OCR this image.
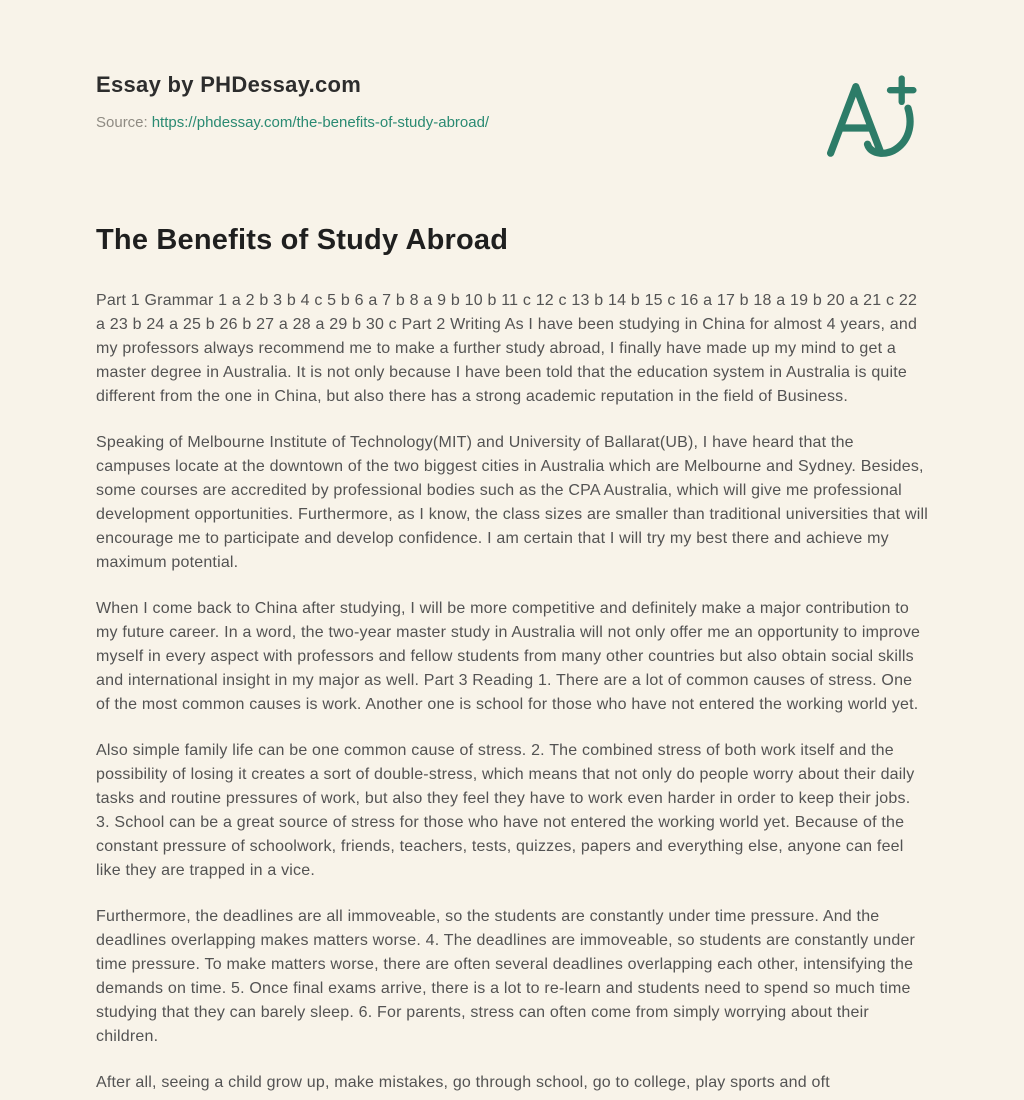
Essay by PHDessay.com
Source: https://phdessay.com/the-benefits-of-study-abroad/
The Benefits of Study Abroad

Part 1 Grammar 1 a 2 b 3 b 4 c 5 b 6 a 7 b 8 a 9 b 10 b 11 c 12 c 13 b 14 b 15 c 16 a 17 b 18 a 19 b 20 a 21 c 22 a 23 b 24 a 25 b 26 b 27 a 28 a 29 b 30 c Part 2 Writing As I have been studying in China for almost 4 years, and my professors always recommend me to make a further study abroad, I finally have made up my mind to get a master degree in Australia. It is not only because I have been told that the education system in Australia is quite different from the one in China, but also there has a strong academic reputation in the field of Business.

Speaking of Melbourne Institute of Technology(MIT) and University of Ballarat(UB), I have heard that the campuses locate at the downtown of the two biggest cities in Australia which are Melbourne and Sydney. Besides, some courses are accredited by professional bodies such as the CPA Australia, which will give me professional development opportunities. Furthermore, as I know, the class sizes are smaller than traditional universities that will encourage me to participate and develop confidence. I am certain that I will try my best there and achieve my maximum potential.

When I come back to China after studying, I will be more competitive and definitely make a major contribution to my future career. In a word, the two-year master study in Australia will not only offer me an opportunity to improve myself in every aspect with professors and fellow students from many other countries but also obtain social skills and international insight in my major as well. Part 3 Reading 1. There are a lot of common causes of stress. One of the most common causes is work. Another one is school for those who have not entered the working world yet.

Also simple family life can be one common cause of stress. 2. The combined stress of both work itself and the possibility of losing it creates a sort of double-stress, which means that not only do people worry about their daily tasks and routine pressures of work, but also they feel they have to work even harder in order to keep their jobs. 3. School can be a great source of stress for those who have not entered the working world yet. Because of the constant pressure of schoolwork, friends, teachers, tests, quizzes, papers and everything else, anyone can feel like they are trapped in a vice.

Furthermore, the deadlines are all immoveable, so the students are constantly under time pressure. And the deadlines overlapping makes matters worse. 4. The deadlines are immoveable, so students are constantly under time pressure. To make matters worse, there are often several deadlines overlapping each other, intensifying the demands on time. 5. Once final exams arrive, there is a lot to re-learn and students need to spend so much time studying that they can barely sleep. 6. For parents, stress can often come from simply worrying about their children.

After all, seeing a child grow up, make mistakes, go through school, go to college, play sports and oft
